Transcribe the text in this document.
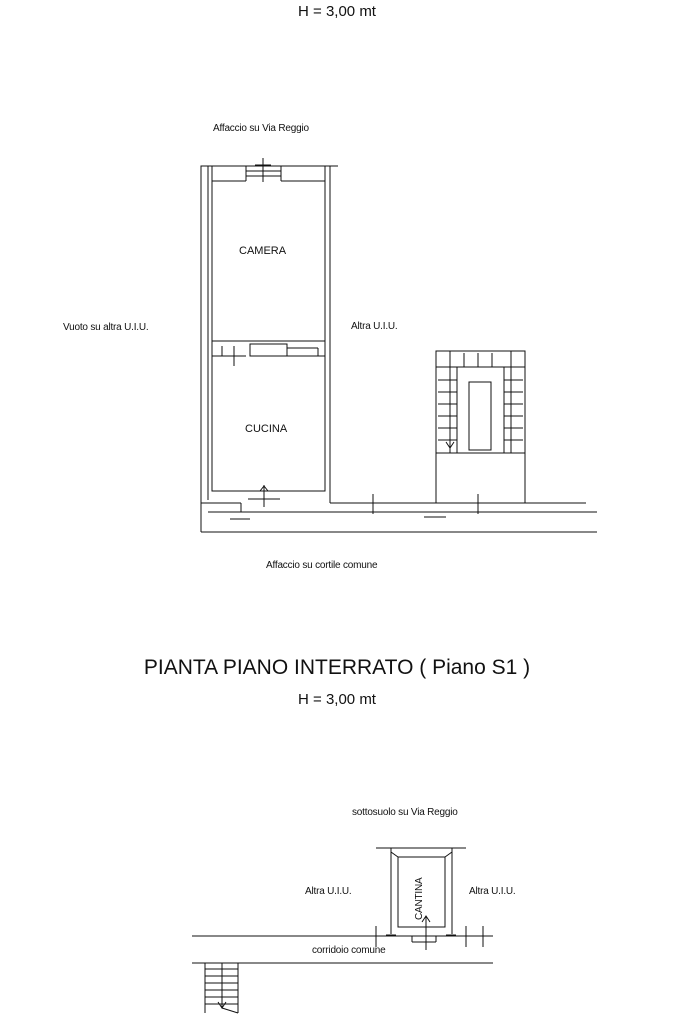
H = 3,00 mt
Affaccio su Via Reggio
Vuoto su altra U.I.U.	Altra U.I.U.
CAMERA
CUCINA
Affaccio su cortile comune
PIANTA PIANO INTERRATO ( Piano S1 )
H = 3,00 mt
sottosuolo su Via Reggio
Altra U.I.U.	Altra U.I.U.
CANTINA
corridoio comune
